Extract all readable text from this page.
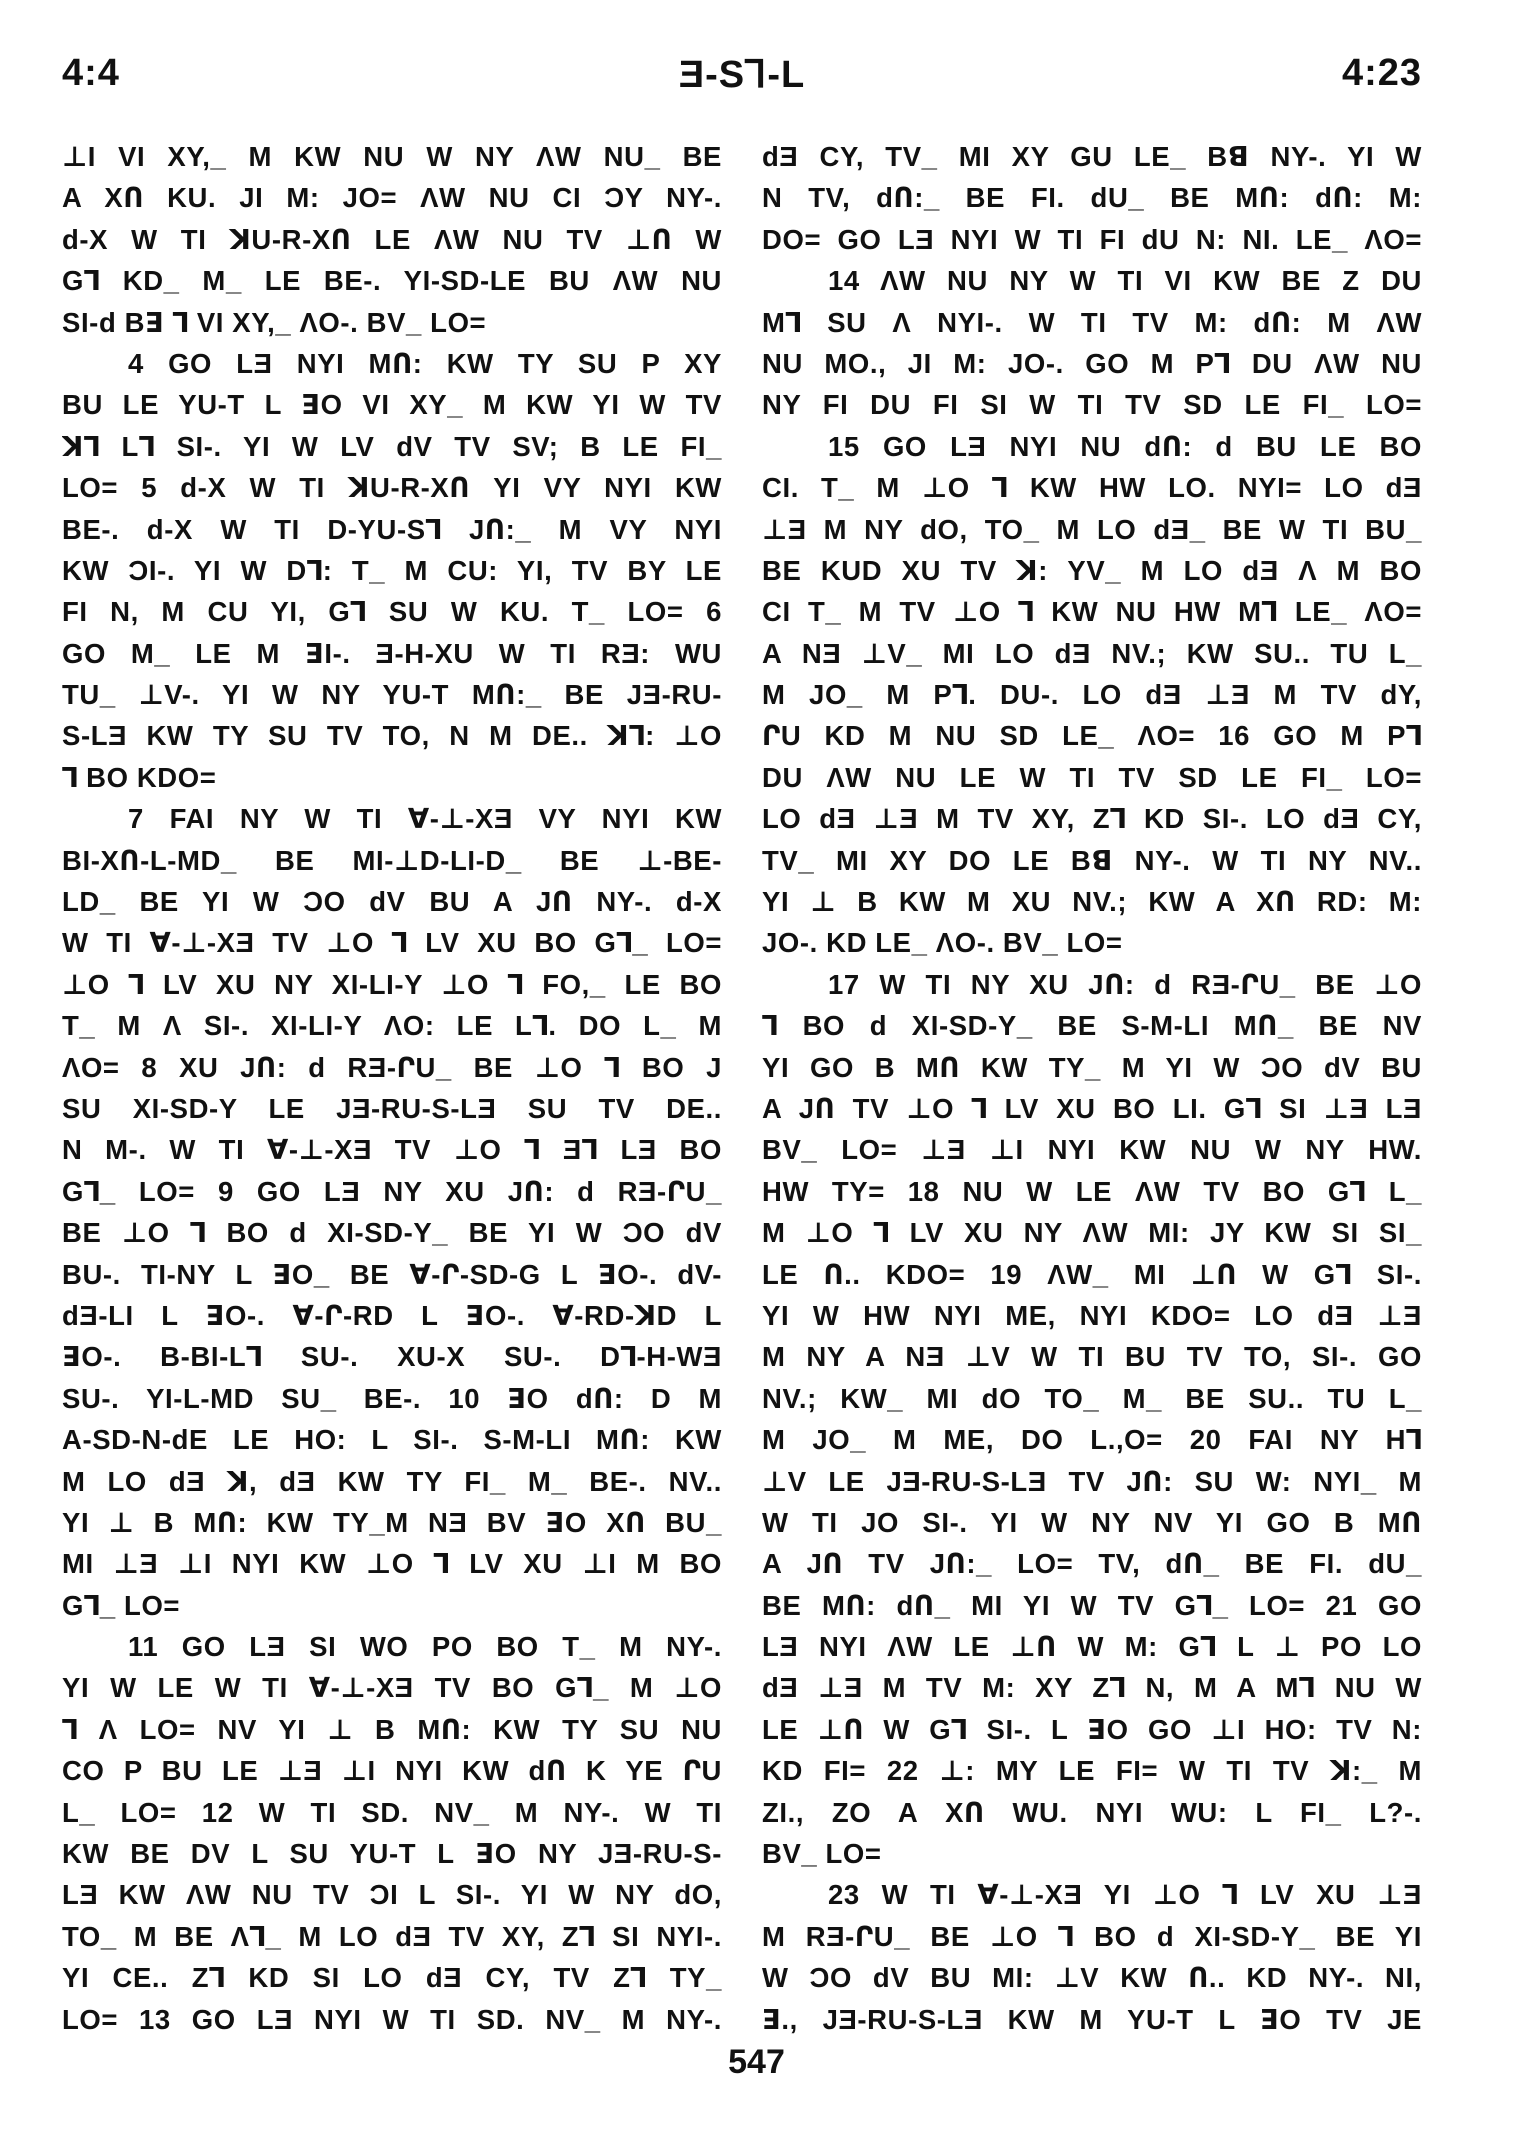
4:4	Ǝ-S⅂-L	4:23
⊥I VI XY,_ M KW NU W NY ΛW NU_ BE
A XՈ KU. JI M: JO= ΛW NU CI ƆY NY-.
d-X W TI ꓘU-R-XՈ LE ΛW NU TV ⊥Ո W
G⅂ KD_ M_ LE BE-. YI-SD-LE BU ΛW NU
SI-d Bꓱ ⅂ VI XY,_ ΛO-. BV_ LO=
4 GO LƎ NYI MՈ: KW TY SU P XY
BU LE YU-T L ꓱO VI XY_ M KW YI W TV
ꓘ⅂ L⅂ SI-. YI W LV dV TV SV; B LE FI_
LO= 5 d-X W TI ꓘU-R-XՈ YI VY NYI KW
BE-. d-X W TI D-YU-S⅂ JՈ:_ M VY NYI
KW ƆI-. YI W D⅂: T_ M CU: YI, TV BY LE
FI N, M CU YI, G⅂ SU W KU. T_ LO= 6
GO M_ LE M ꓱI-. Ǝ-H-XU W TI RƎ: WU
TU_ ⊥V-. YI W NY YU-T MՈ:_ BE JƎ-RU-
S-LƎ KW TY SU TV TO, N M DE.. ꓘ⅂: ⊥O
⅂ BO KDO=
7 FAI NY W TI ∀-⊥-XƎ VY NYI KW
BI-XՈ-L-MD_ BE MI-⊥D-LI-D_ BE ⊥-BE-
LD_ BE YI W ƆO dV BU A JՈ NY-. d-X
W TI ∀-⊥-XƎ TV ⊥O ⅂ LV XU BO G⅂_ LO=
⊥O ⅂ LV XU NY XI-LI-Y ⊥O ⅂ FO,_ LE BO
T_ M Λ SI-. XI-LI-Y ΛO: LE L⅂. DO L_ M
ΛO= 8 XU JՈ: d RƎ-ՐU_ BE ⊥O ⅂ BO J
SU XI-SD-Y LE JƎ-RU-S-LƎ SU TV DE..
N M-. W TI ∀-⊥-XƎ TV ⊥O ⅂ Ǝ⅂ LƎ BO
G⅂_ LO= 9 GO LƎ NY XU JՈ: d RƎ-ՐU_
BE ⊥O ⅂ BO d XI-SD-Y_ BE YI W ƆO dV
BU-. TI-NY L ꓱO_ BE ∀-Ր-SD-G L ꓱO-. dV-
dƎ-LI L ꓱO-. ∀-Ր-RD L ꓱO-. ∀-RD-ꓘD L
ꓱO-. B-BI-L⅂ SU-. XU-X SU-. D⅂-H-WƎ
SU-. YI-L-MD SU_ BE-. 10 ꓱO dՈ: D M
A-SD-N-dE LE HO: L SI-. S-M-LI MՈ: KW
M LO dƎ ꓘ, dƎ KW TY FI_ M_ BE-. NV..
YI ⊥ B MՈ: KW TY_M NƎ BV ꓱO XՈ BU_
MI ⊥Ǝ ⊥I NYI KW ⊥O ⅂ LV XU ⊥I M BO
G⅂_ LO=
11 GO LƎ SI WO PO BO T_ M NY-.
YI W LE W TI ∀-⊥-XƎ TV BO G⅂_ M ⊥O
⅂ Λ LO= NV YI ⊥ B MՈ: KW TY SU NU
CO P BU LE ⊥Ǝ ⊥I NYI KW dՈ K YE ՐU
L_ LO= 12 W TI SD. NV_ M NY-. W TI
KW BE DV L SU YU-T L ꓱO NY JƎ-RU-S-
LƎ KW ΛW NU TV ƆI L SI-. YI W NY dO,
TO_ M BE Λ⅂_ M LO dƎ TV XY, Z⅂ SI NYI-.
YI CE.. Z⅂ KD SI LO dƎ CY, TV Z⅂ TY_
LO= 13 GO LƎ NYI W TI SD. NV_ M NY-.
dƎ CY, TV_ MI XY GU LE_ Bꓭ NY-. YI W
N TV, dՈ:_ BE FI. dU_ BE MՈ: dՈ: M:
DO= GO LƎ NYI W TI FI dU N: NI. LE_ ΛO=
14 ΛW NU NY W TI VI KW BE Z DU
M⅂ SU Λ NYI-. W TI TV M: dՈ: M ΛW
NU MO., JI M: JO-. GO M P⅂ DU ΛW NU
NY FI DU FI SI W TI TV SD LE FI_ LO=
15 GO LƎ NYI NU dՈ: d BU LE BO
CI. T_ M ⊥O ⅂ KW HW LO. NYI= LO dƎ
⊥Ǝ M NY dO, TO_ M LO dƎ_ BE W TI BU_
BE KUD XU TV ꓘ: YV_ M LO dƎ Λ M BO
CI T_ M TV ⊥O ⅂ KW NU HW M⅂ LE_ ΛO=
A NƎ ⊥V_ MI LO dƎ NV.; KW SU.. TU L_
M JO_ M P⅂. DU-. LO dƎ ⊥Ǝ M TV dY,
ՐU KD M NU SD LE_ ΛO= 16 GO M P⅂
DU ΛW NU LE W TI TV SD LE FI_ LO=
LO dƎ ⊥Ǝ M TV XY, Z⅂ KD SI-. LO dƎ CY,
TV_ MI XY DO LE Bꓭ NY-. W TI NY NV..
YI ⊥ B KW M XU NV.; KW A XՈ RD: M:
JO-. KD LE_ ΛO-. BV_ LO=
17 W TI NY XU JՈ: d RƎ-ՐU_ BE ⊥O
⅂ BO d XI-SD-Y_ BE S-M-LI MՈ_ BE NV
YI GO B MՈ KW TY_ M YI W ƆO dV BU
A JՈ TV ⊥O ⅂ LV XU BO LI. G⅂ SI ⊥Ǝ LƎ
BV_ LO= ⊥Ǝ ⊥I NYI KW NU W NY HW.
HW TY= 18 NU W LE ΛW TV BO G⅂ L_
M ⊥O ⅂ LV XU NY ΛW MI: JY KW SI SI_
LE Ո.. KDO= 19 ΛW_ MI ⊥Ո W G⅂ SI-.
YI W HW NYI ME, NYI KDO= LO dƎ ⊥Ǝ
M NY A NƎ ⊥V W TI BU TV TO, SI-. GO
NV.; KW_ MI dO TO_ M_ BE SU.. TU L_
M JO_ M ME, DO L.,O= 20 FAI NY H⅂
⊥V LE JƎ-RU-S-LƎ TV JՈ: SU W: NYI_ M
W TI JO SI-. YI W NY NV YI GO B MՈ
A JՈ TV JՈ:_ LO= TV, dՈ_ BE FI. dU_
BE MՈ: dՈ_ MI YI W TV G⅂_ LO= 21 GO
LƎ NYI ΛW LE ⊥Ո W M: G⅂ L ⊥ PO LO
dƎ ⊥Ǝ M TV M: XY Z⅂ N, M A M⅂ NU W
LE ⊥Ո W G⅂ SI-. L ꓱO GO ⊥I HO: TV N:
KD FI= 22 ⊥: MY LE FI= W TI TV ꓘ:_ M
ZI., ZO A XՈ WU. NYI WU: L FI_ L?-.
BV_ LO=
23 W TI ∀-⊥-XƎ YI ⊥O ⅂ LV XU ⊥Ǝ
M RƎ-ՐU_ BE ⊥O ⅂ BO d XI-SD-Y_ BE YI
W ƆO dV BU MI: ⊥V KW Ո.. KD NY-. NI,
ꓱ., JƎ-RU-S-LƎ KW M YU-T L ꓱO TV JE
547
